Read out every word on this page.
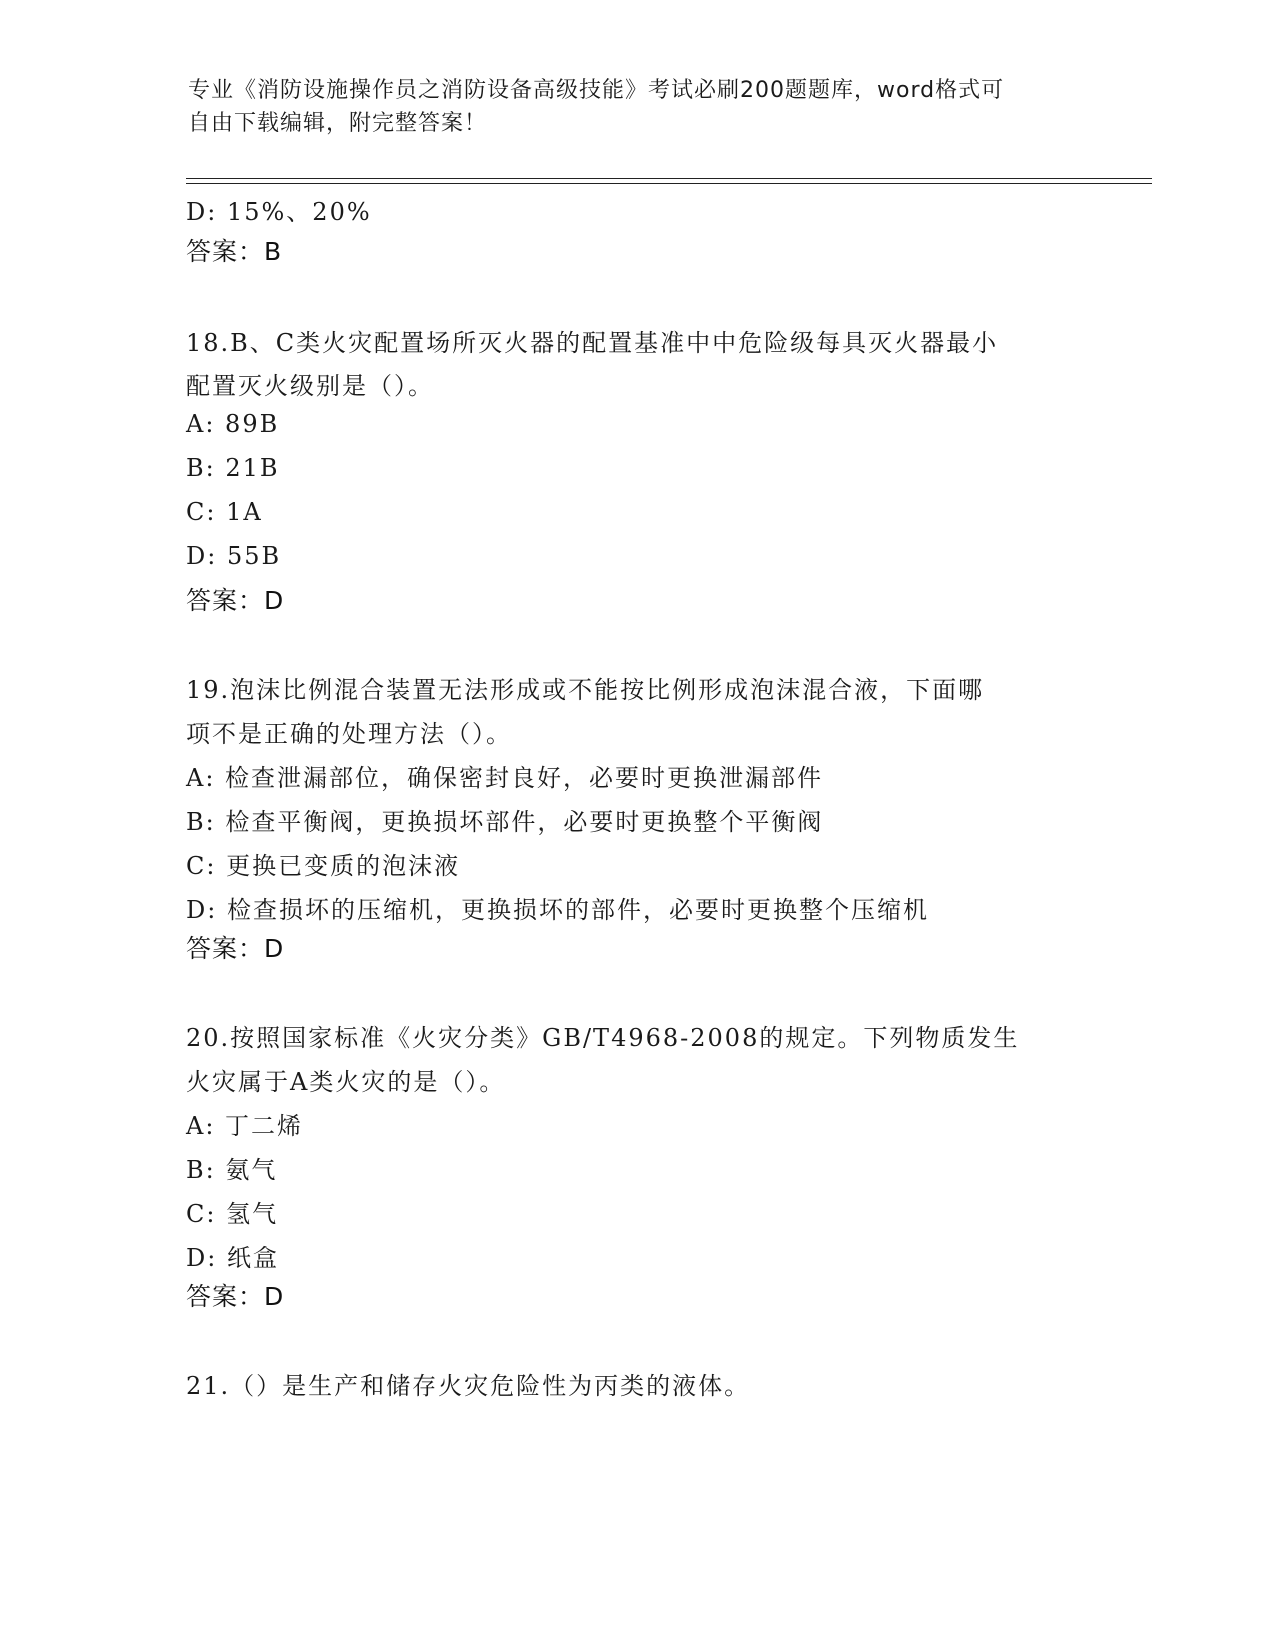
专业《消防设施操作员之消防设备高级技能》考试必刷200题题库，word格式可
自由下载编辑，附完整答案！
D: 15%、20%
答案：B
18.B、C类火灾配置场所灭火器的配置基准中中危险级每具灭火器最小
配置灭火级别是（）。
A: 89B
B: 21B
C: 1A
D: 55B
答案：D
19.泡沫比例混合装置无法形成或不能按比例形成泡沫混合液，下面哪
项不是正确的处理方法（）。
A: 检查泄漏部位，确保密封良好，必要时更换泄漏部件
B: 检查平衡阀，更换损坏部件，必要时更换整个平衡阀
C: 更换已变质的泡沫液
D: 检查损坏的压缩机，更换损坏的部件，必要时更换整个压缩机
答案：D
20.按照国家标准《火灾分类》GB/T4968-2008的规定。下列物质发生
火灾属于A类火灾的是（）。
A: 丁二烯
B: 氨气
C: 氢气
D: 纸盒
答案：D
21.（）是生产和储存火灾危险性为丙类的液体。
